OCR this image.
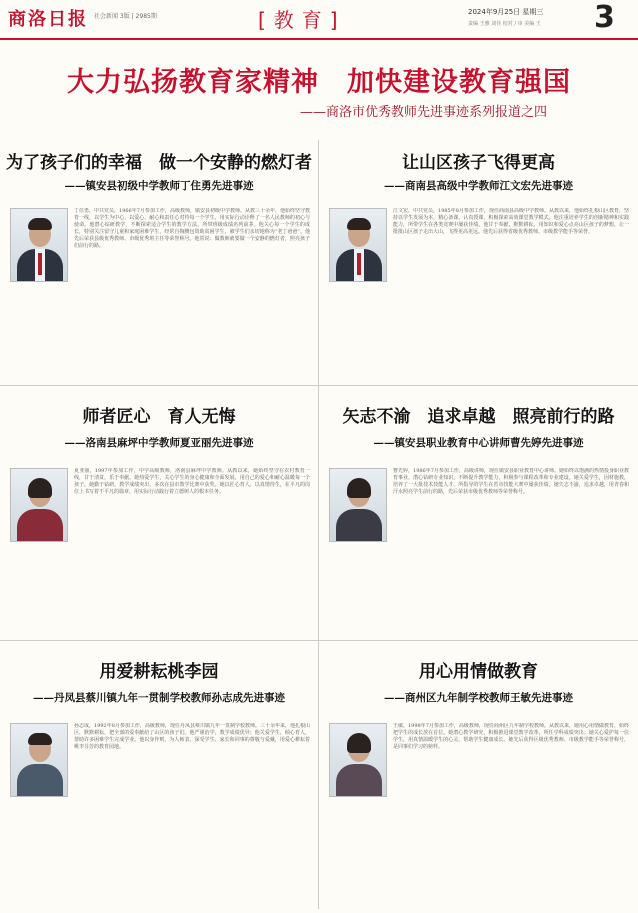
商洛日报 社会新闻 3版 | 2985期	[教育]	2024年9月25日 星期三
责编 王雅 刘佳 校对 / 审 美编 王 3
大力弘扬教育家精神　加快建设教育强国
——商洛市优秀教师先进事迹系列报道之四
为了孩子们的幸福　做一个安静的燃灯者
——镇安县初级中学教师丁住勇先进事迹
丁住勇，中共党员，1966年7月参加工作，高级教师，镇安县初级中学教师。从教三十余年，他始终坚守教育一线，以学生为中心，以爱心、耐心和责任心对待每一个学生，用实际行动诠释了一名人民教师的初心与使命。他潜心钻研教学，不断探索适合学生的教学方法，所带班级成绩名列前茅。他关心每一个学生的成长，特别关注留守儿童和家庭困难学生，经常自掏腰包资助贫困学生，被学生们亲切地称为“老丁爸爸”。他先后荣获县级优秀教师、市级优秀班主任等荣誉称号。他常说：做教师就要做一个安静的燃灯者，照亮孩子们前行的路。
让山区孩子飞得更高
——商南县高级中学教师江文宏先进事迹
江文宏，中共党员，1985年8月参加工作，现任商南县高级中学教师。从教以来，他始终扎根山区教育，坚持以学生发展为本，精心备课，认真授课，积极探索高效课堂教学模式。他注重培养学生的创新精神和实践能力，所带学生在各类竞赛中屡获佳绩。他甘于奉献，默默耕耘，用知识和爱心点亮山区孩子的梦想，让一批批山区孩子走出大山，飞得更高更远。他先后获得省级优秀教师、市级教学能手等荣誉。
师者匠心　育人无悔
——洛南县麻坪中学教师夏亚丽先进事迹
夏亚丽，1997年参加工作，中学高级教师，洛南县麻坪中学教师。从教以来，她始终坚守在农村教育一线，甘于清贫，乐于奉献。她热爱学生，关心学生的身心健康和全面发展，用自己的爱心和耐心温暖每一个孩子。她勤于钻研，教学成绩突出，多次在县市教学比赛中获奖。她以匠心育人，以真情待生，在平凡的岗位上书写着不平凡的篇章，用实际行动践行着立德树人的根本任务。
矢志不渝　追求卓越　照亮前行的路
——镇安县职业教育中心讲师曹先婷先进事迹
曹先婷，1986年7月参加工作，高级讲师，现任镇安县职业教育中心讲师。她始终以饱满的热情投身职业教育事业，潜心钻研专业知识，不断提升教学能力，积极参与课程改革和专业建设。她关爱学生，因材施教，培养了一大批技术技能人才，所指导的学生在省市技能大赛中屡获佳绩。她矢志不渝，追求卓越，用青春和汗水照亮学生前行的路，先后荣获市级优秀教师等荣誉称号。
用爱耕耘桃李园
——丹凤县蔡川镇九年一贯制学校教师孙志成先进事迹
孙志成，1992年8月参加工作，高级教师，现任丹凤县蔡川镇九年一贯制学校教师。三十余年来，他扎根山区，默默耕耘，把全部的爱奉献给了山区的孩子们。他严谨治学，教学成绩优异；他关爱学生，倾心育人，帮助许多困难学生完成学业。他以身作则，为人师表，深受学生、家长和同事的尊敬与爱戴，用爱心耕耘着桃李芬芳的教育园地。
用心用情做教育
——商州区九年制学校教师王敏先进事迹
王敏，1998年7月参加工作，高级教师，现任商州区九年制学校教师。从教以来，她用心用情做教育，始终把学生的成长放在首位。她潜心教学研究，积极推进课堂教学改革，所任学科成绩突出；她关心爱护每一位学生，用真情温暖学生的心灵，帮助学生健康成长。她先后获得区级优秀教师、市级教学能手等荣誉称号，是同事们学习的榜样。
